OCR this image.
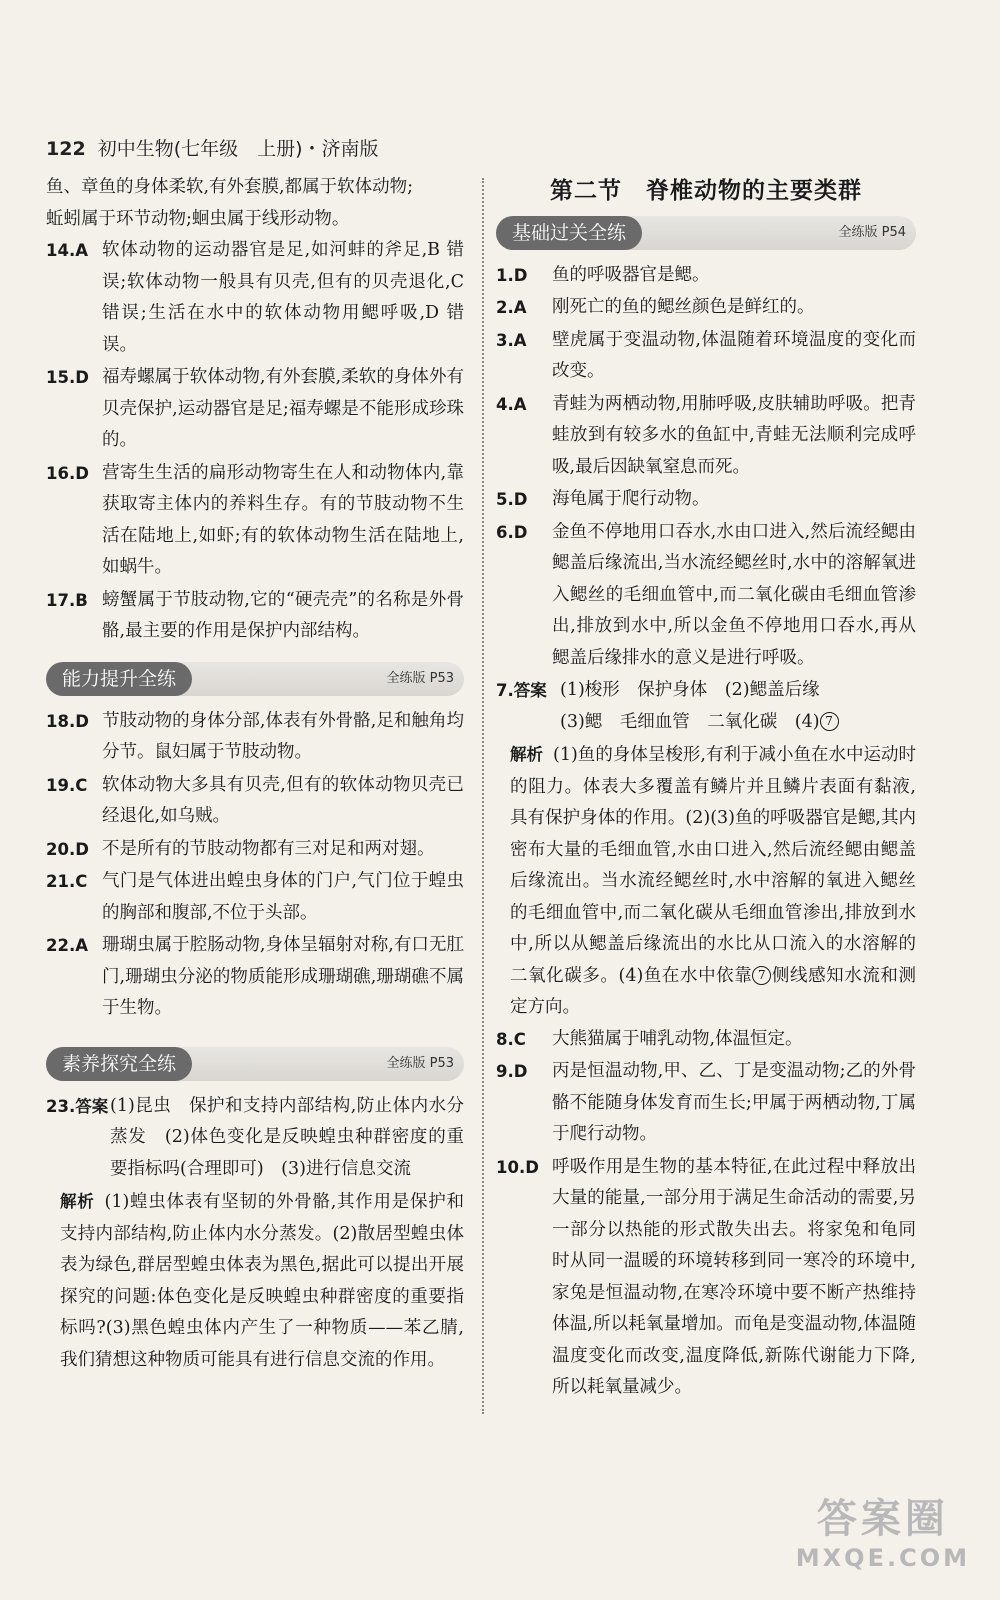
122 初中生物(七年级　上册)・济南版
鱼、章鱼的身体柔软,有外套膜,都属于软体动物;
蚯蚓属于环节动物;蛔虫属于线形动物。
14.A 软体动物的运动器官是足,如河蚌的斧足,B 错误;软体动物一般具有贝壳,但有的贝壳退化,C 错误;生活在水中的软体动物用鳃呼吸,D 错误。
15.D 福寿螺属于软体动物,有外套膜,柔软的身体外有贝壳保护,运动器官是足;福寿螺是不能形成珍珠的。
16.D 营寄生生活的扁形动物寄生在人和动物体内,靠获取寄主体内的养料生存。有的节肢动物不生活在陆地上,如虾;有的软体动物生活在陆地上,如蜗牛。
17.B 螃蟹属于节肢动物,它的“硬壳壳”的名称是外骨骼,最主要的作用是保护内部结构。
能力提升全练	全练版 P53
18.D 节肢动物的身体分部,体表有外骨骼,足和触角均分节。鼠妇属于节肢动物。
19.C 软体动物大多具有贝壳,但有的软体动物贝壳已经退化,如乌贼。
20.D 不是所有的节肢动物都有三对足和两对翅。
21.C 气门是气体进出蝗虫身体的门户,气门位于蝗虫的胸部和腹部,不位于头部。
22.A 珊瑚虫属于腔肠动物,身体呈辐射对称,有口无肛门,珊瑚虫分泌的物质能形成珊瑚礁,珊瑚礁不属于生物。
素养探究全练	全练版 P53
23.答案 (1)昆虫　保护和支持内部结构,防止体内水分蒸发　(2)体色变化是反映蝗虫种群密度的重要指标吗(合理即可)　(3)进行信息交流
解析 (1)蝗虫体表有坚韧的外骨骼,其作用是保护和支持内部结构,防止体内水分蒸发。(2)散居型蝗虫体表为绿色,群居型蝗虫体表为黑色,据此可以提出开展探究的问题:体色变化是反映蝗虫种群密度的重要指标吗?(3)黑色蝗虫体内产生了一种物质——苯乙腈,我们猜想这种物质可能具有进行信息交流的作用。
第二节　脊椎动物的主要类群
基础过关全练	全练版 P54
1.D	鱼的呼吸器官是鳃。
2.A	刚死亡的鱼的鳃丝颜色是鲜红的。
3.A	壁虎属于变温动物,体温随着环境温度的变化而改变。
4.A	青蛙为两栖动物,用肺呼吸,皮肤辅助呼吸。把青蛙放到有较多水的鱼缸中,青蛙无法顺利完成呼吸,最后因缺氧窒息而死。
5.D	海龟属于爬行动物。
6.D	金鱼不停地用口吞水,水由口进入,然后流经鳃由鳃盖后缘流出,当水流经鳃丝时,水中的溶解氧进入鳃丝的毛细血管中,而二氧化碳由毛细血管渗出,排放到水中,所以金鱼不停地用口吞水,再从鳃盖后缘排水的意义是进行呼吸。
7.答案 (1)梭形　保护身体　(2)鳃盖后缘
(3)鳃　毛细血管　二氧化碳　(4) 7
解析 (1)鱼的身体呈梭形,有利于减小鱼在水中运动时的阻力。体表大多覆盖有鳞片并且鳞片表面有黏液,具有保护身体的作用。(2)(3)鱼的呼吸器官是鳃,其内密布大量的毛细血管,水由口进入,然后流经鳃由鳃盖后缘流出。当水流经鳃丝时,水中溶解的氧进入鳃丝的毛细血管中,而二氧化碳从毛细血管渗出,排放到水中,所以从鳃盖后缘流出的水比从口流入的水溶解的二氧化碳多。(4)鱼在水中依靠 7 侧线感知水流和测定方向。
8.C	大熊猫属于哺乳动物,体温恒定。
9.D	丙是恒温动物,甲、乙、丁是变温动物;乙的外骨骼不能随身体发育而生长;甲属于两栖动物,丁属于爬行动物。
10.D 呼吸作用是生物的基本特征,在此过程中释放出大量的能量,一部分用于满足生命活动的需要,另一部分以热能的形式散失出去。将家兔和龟同时从同一温暖的环境转移到同一寒冷的环境中,家兔是恒温动物,在寒冷环境中要不断产热维持体温,所以耗氧量增加。而龟是变温动物,体温随温度变化而改变,温度降低,新陈代谢能力下降,所以耗氧量减少。
答案圈
MXQE.COM
